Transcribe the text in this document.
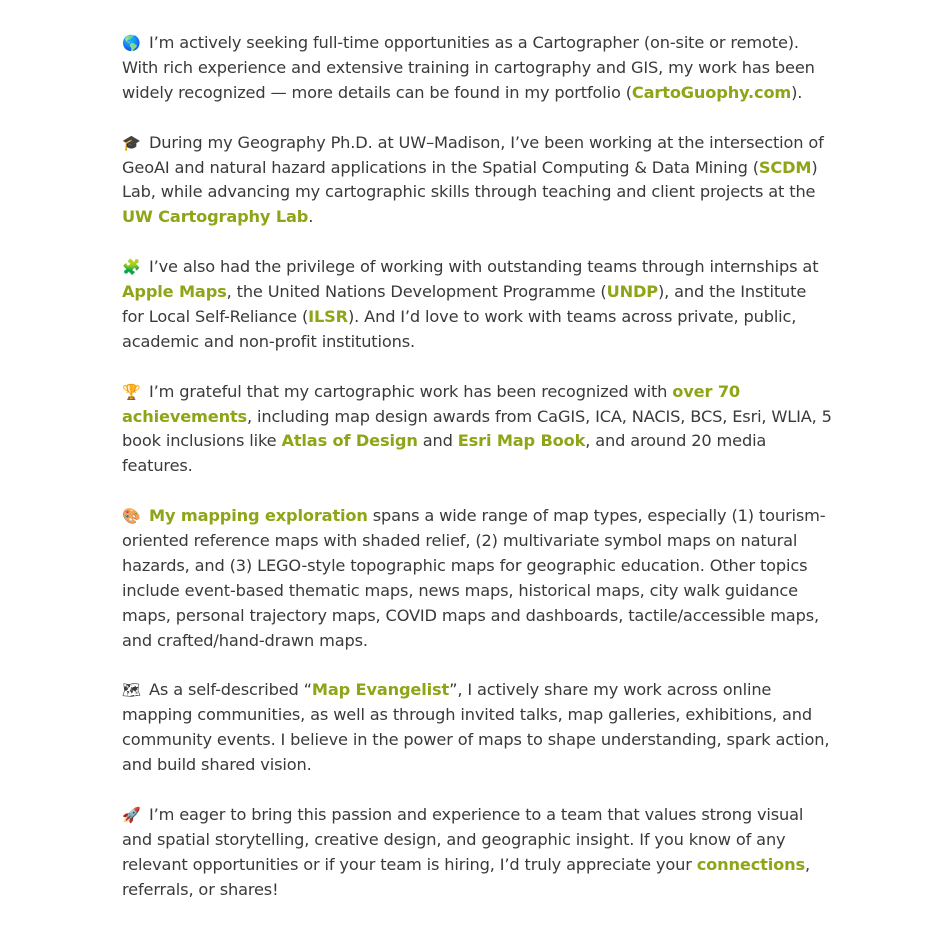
🌎 I’m actively seeking full-time opportunities as a Cartographer (on-site or remote). With rich experience and extensive training in cartography and GIS, my work has been widely recognized — more details can be found in my portfolio (CartoGuophy.com).

🎓 During my Geography Ph.D. at UW–Madison, I’ve been working at the intersection of GeoAI and natural hazard applications in the Spatial Computing & Data Mining (SCDM) Lab, while advancing my cartographic skills through teaching and client projects at the UW Cartography Lab.

🧩 I’ve also had the privilege of working with outstanding teams through internships at Apple Maps, the United Nations Development Programme (UNDP), and the Institute for Local Self-Reliance (ILSR). And I’d love to work with teams across private, public, academic and non-profit institutions.

🏆 I’m grateful that my cartographic work has been recognized with over 70 achievements, including map design awards from CaGIS, ICA, NACIS, BCS, Esri, WLIA, 5 book inclusions like Atlas of Design and Esri Map Book, and around 20 media features.

🎨 My mapping exploration spans a wide range of map types, especially (1) tourism-oriented reference maps with shaded relief, (2) multivariate symbol maps on natural hazards, and (3) LEGO-style topographic maps for geographic education. Other topics include event-based thematic maps, news maps, historical maps, city walk guidance maps, personal trajectory maps, COVID maps and dashboards, tactile/accessible maps, and crafted/hand-drawn maps.

🗺 As a self-described “Map Evangelist”, I actively share my work across online mapping communities, as well as through invited talks, map galleries, exhibitions, and community events. I believe in the power of maps to shape understanding, spark action, and build shared vision.

🚀 I’m eager to bring this passion and experience to a team that values strong visual and spatial storytelling, creative design, and geographic insight. If you know of any relevant opportunities or if your team is hiring, I’d truly appreciate your connections, referrals, or shares!
